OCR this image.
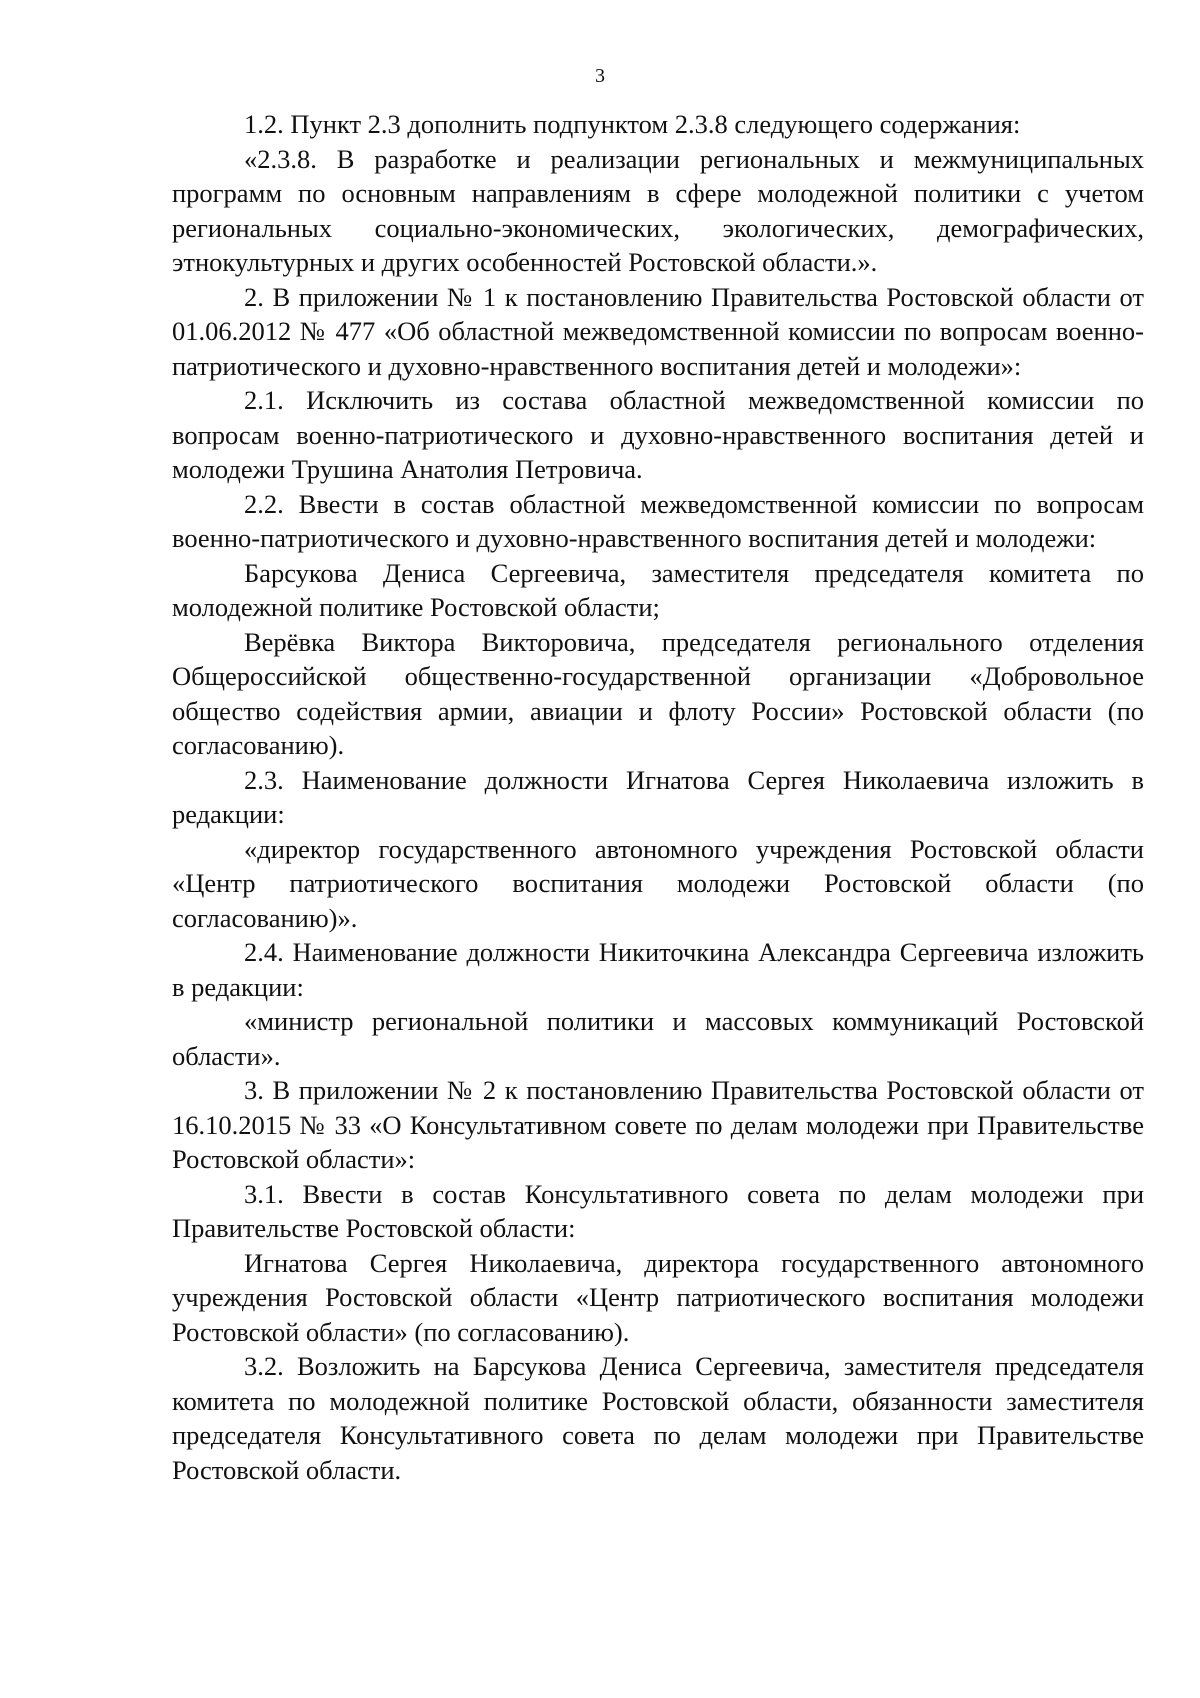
3

1.2. Пункт 2.3 дополнить подпунктом 2.3.8 следующего содержания:

«2.3.8. В разработке и реализации региональных и межмуниципальных программ по основным направлениям в сфере молодежной политики с учетом региональных социально-экономических, экологических, демографических, этнокультурных и других особенностей Ростовской области.».

2. В приложении № 1 к постановлению Правительства Ростовской области от 01.06.2012 № 477 «Об областной межведомственной комиссии по вопросам военно-патриотического и духовно-нравственного воспитания детей и молодежи»:

2.1. Исключить из состава областной межведомственной комиссии по вопросам военно-патриотического и духовно-нравственного воспитания детей и молодежи Трушина Анатолия Петровича.

2.2. Ввести в состав областной межведомственной комиссии по вопросам военно-патриотического и духовно-нравственного воспитания детей и молодежи:

Барсукова Дениса Сергеевича, заместителя председателя комитета по молодежной политике Ростовской области;

Верёвка Виктора Викторовича, председателя регионального отделения Общероссийской общественно-государственной организации «Добровольное общество содействия армии, авиации и флоту России» Ростовской области (по согласованию).

2.3. Наименование должности Игнатова Сергея Николаевича изложить в редакции:

«директор государственного автономного учреждения Ростовской области «Центр патриотического воспитания молодежи Ростовской области (по согласованию)».

2.4. Наименование должности Никиточкина Александра Сергеевича изложить в редакции:

«министр региональной политики и массовых коммуникаций Ростовской области».

3. В приложении № 2 к постановлению Правительства Ростовской области от 16.10.2015 № 33 «О Консультативном совете по делам молодежи при Правительстве Ростовской области»:

3.1. Ввести в состав Консультативного совета по делам молодежи при Правительстве Ростовской области:

Игнатова Сергея Николаевича, директора государственного автономного учреждения Ростовской области «Центр патриотического воспитания молодежи Ростовской области» (по согласованию).

3.2. Возложить на Барсукова Дениса Сергеевича, заместителя председателя комитета по молодежной политике Ростовской области, обязанности заместителя председателя Консультативного совета по делам молодежи при Правительстве Ростовской области.
